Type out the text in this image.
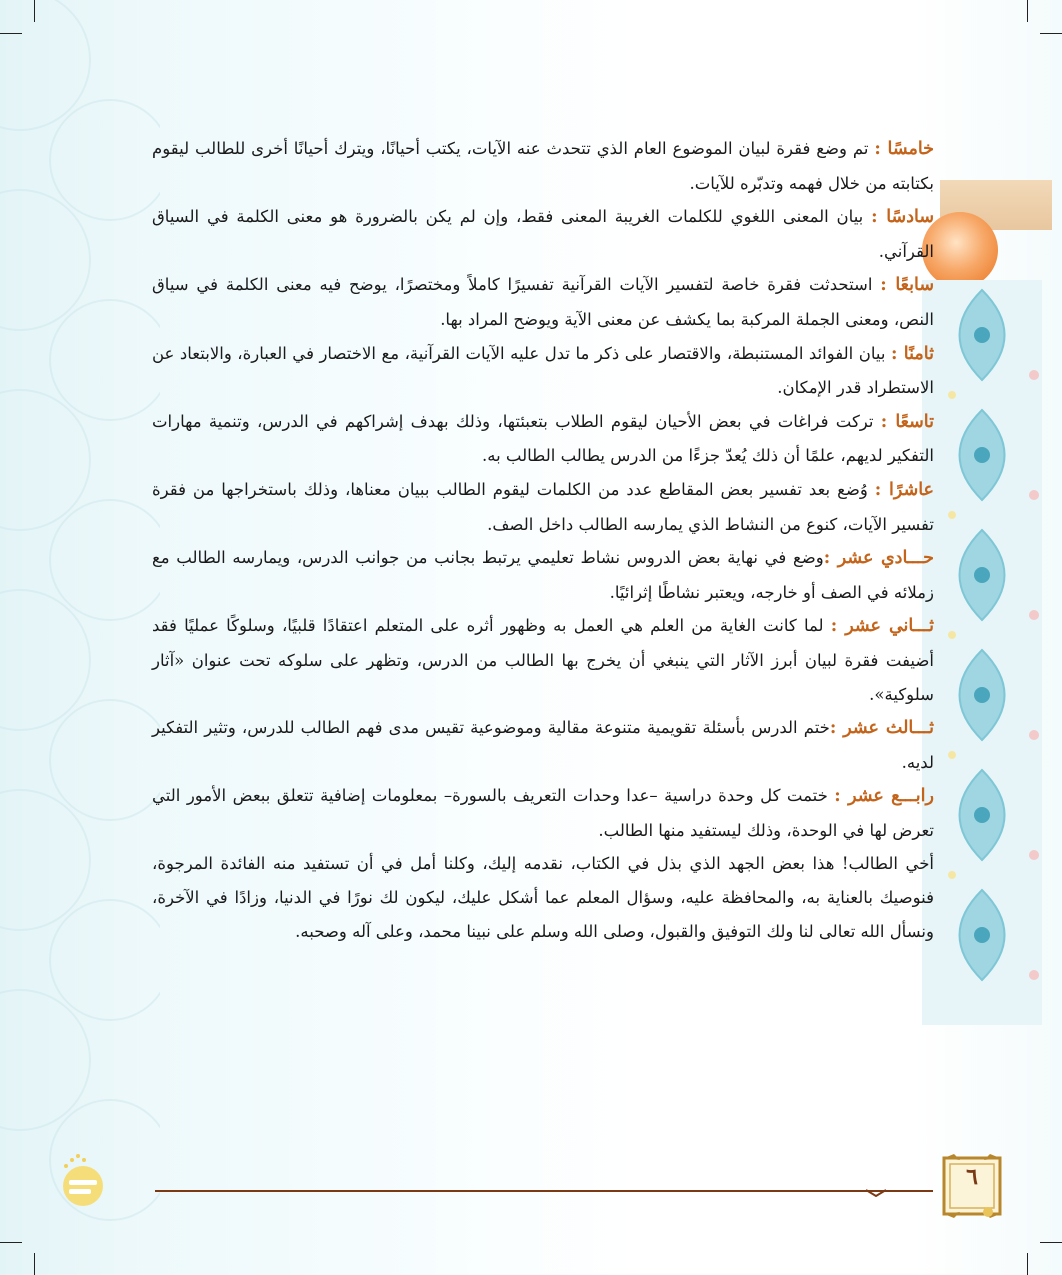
خامسًا : تم وضع فقرة لبيان الموضوع العام الذي تتحدث عنه الآيات، يكتب أحيانًا، ويترك أحيانًا أخرى للطالب ليقوم بكتابته من خلال فهمه وتدبّره للآيات.

سادسًا : بيان المعنى اللغوي للكلمات الغريبة المعنى فقط، وإن لم يكن بالضرورة هو معنى الكلمة في السياق القرآني.

سابعًا : استحدثت فقرة خاصة لتفسير الآيات القرآنية تفسيرًا كاملاً ومختصرًا، يوضح فيه معنى الكلمة في سياق النص، ومعنى الجملة المركبة بما يكشف عن معنى الآية ويوضح المراد بها.

ثامنًا : بيان الفوائد المستنبطة، والاقتصار على ذكر ما تدل عليه الآيات القرآنية، مع الاختصار في العبارة، والابتعاد عن الاستطراد قدر الإمكان.

تاسعًا : تركت فراغات في بعض الأحيان ليقوم الطلاب بتعبئتها، وذلك بهدف إشراكهم في الدرس، وتنمية مهارات التفكير لديهم، علمًا أن ذلك يُعدّ جزءًا من الدرس يطالب الطالب به.

عاشرًا : وُضع بعد تفسير بعض المقاطع عدد من الكلمات ليقوم الطالب ببيان معناها، وذلك باستخراجها من فقرة تفسير الآيات، كنوع من النشاط الذي يمارسه الطالب داخل الصف.

حـــادي عشر :وضع في نهاية بعض الدروس نشاط تعليمي يرتبط بجانب من جوانب الدرس، ويمارسه الطالب مع زملائه في الصف أو خارجه، ويعتبر نشاطًا إثرائيًا.

ثـــاني عشر : لما كانت الغاية من العلم هي العمل به وظهور أثره على المتعلم اعتقادًا قلبيًا، وسلوكًا عمليًا فقد أضيفت فقرة لبيان أبرز الآثار التي ينبغي أن يخرج بها الطالب من الدرس، وتظهر على سلوكه تحت عنوان «آثار سلوكية».

ثـــالث عشر :ختم الدرس بأسئلة تقويمية متنوعة مقالية وموضوعية تقيس مدى فهم الطالب للدرس، وتثير التفكير لديه.

رابـــع عشر : ختمت كل وحدة دراسية –عدا وحدات التعريف بالسورة– بمعلومات إضافية تتعلق ببعض الأمور التي تعرض لها في الوحدة، وذلك ليستفيد منها الطالب.

أخي الطالب! هذا بعض الجهد الذي بذل في الكتاب، نقدمه إليك، وكلنا أمل في أن تستفيد منه الفائدة المرجوة، فنوصيك بالعناية به، والمحافظة عليه، وسؤال المعلم عما أشكل عليك، ليكون لك نورًا في الدنيا، وزادًا في الآخرة، ونسأل الله تعالى لنا ولك التوفيق والقبول، وصلى الله وسلم على نبينا محمد، وعلى آله وصحبه.

٦
